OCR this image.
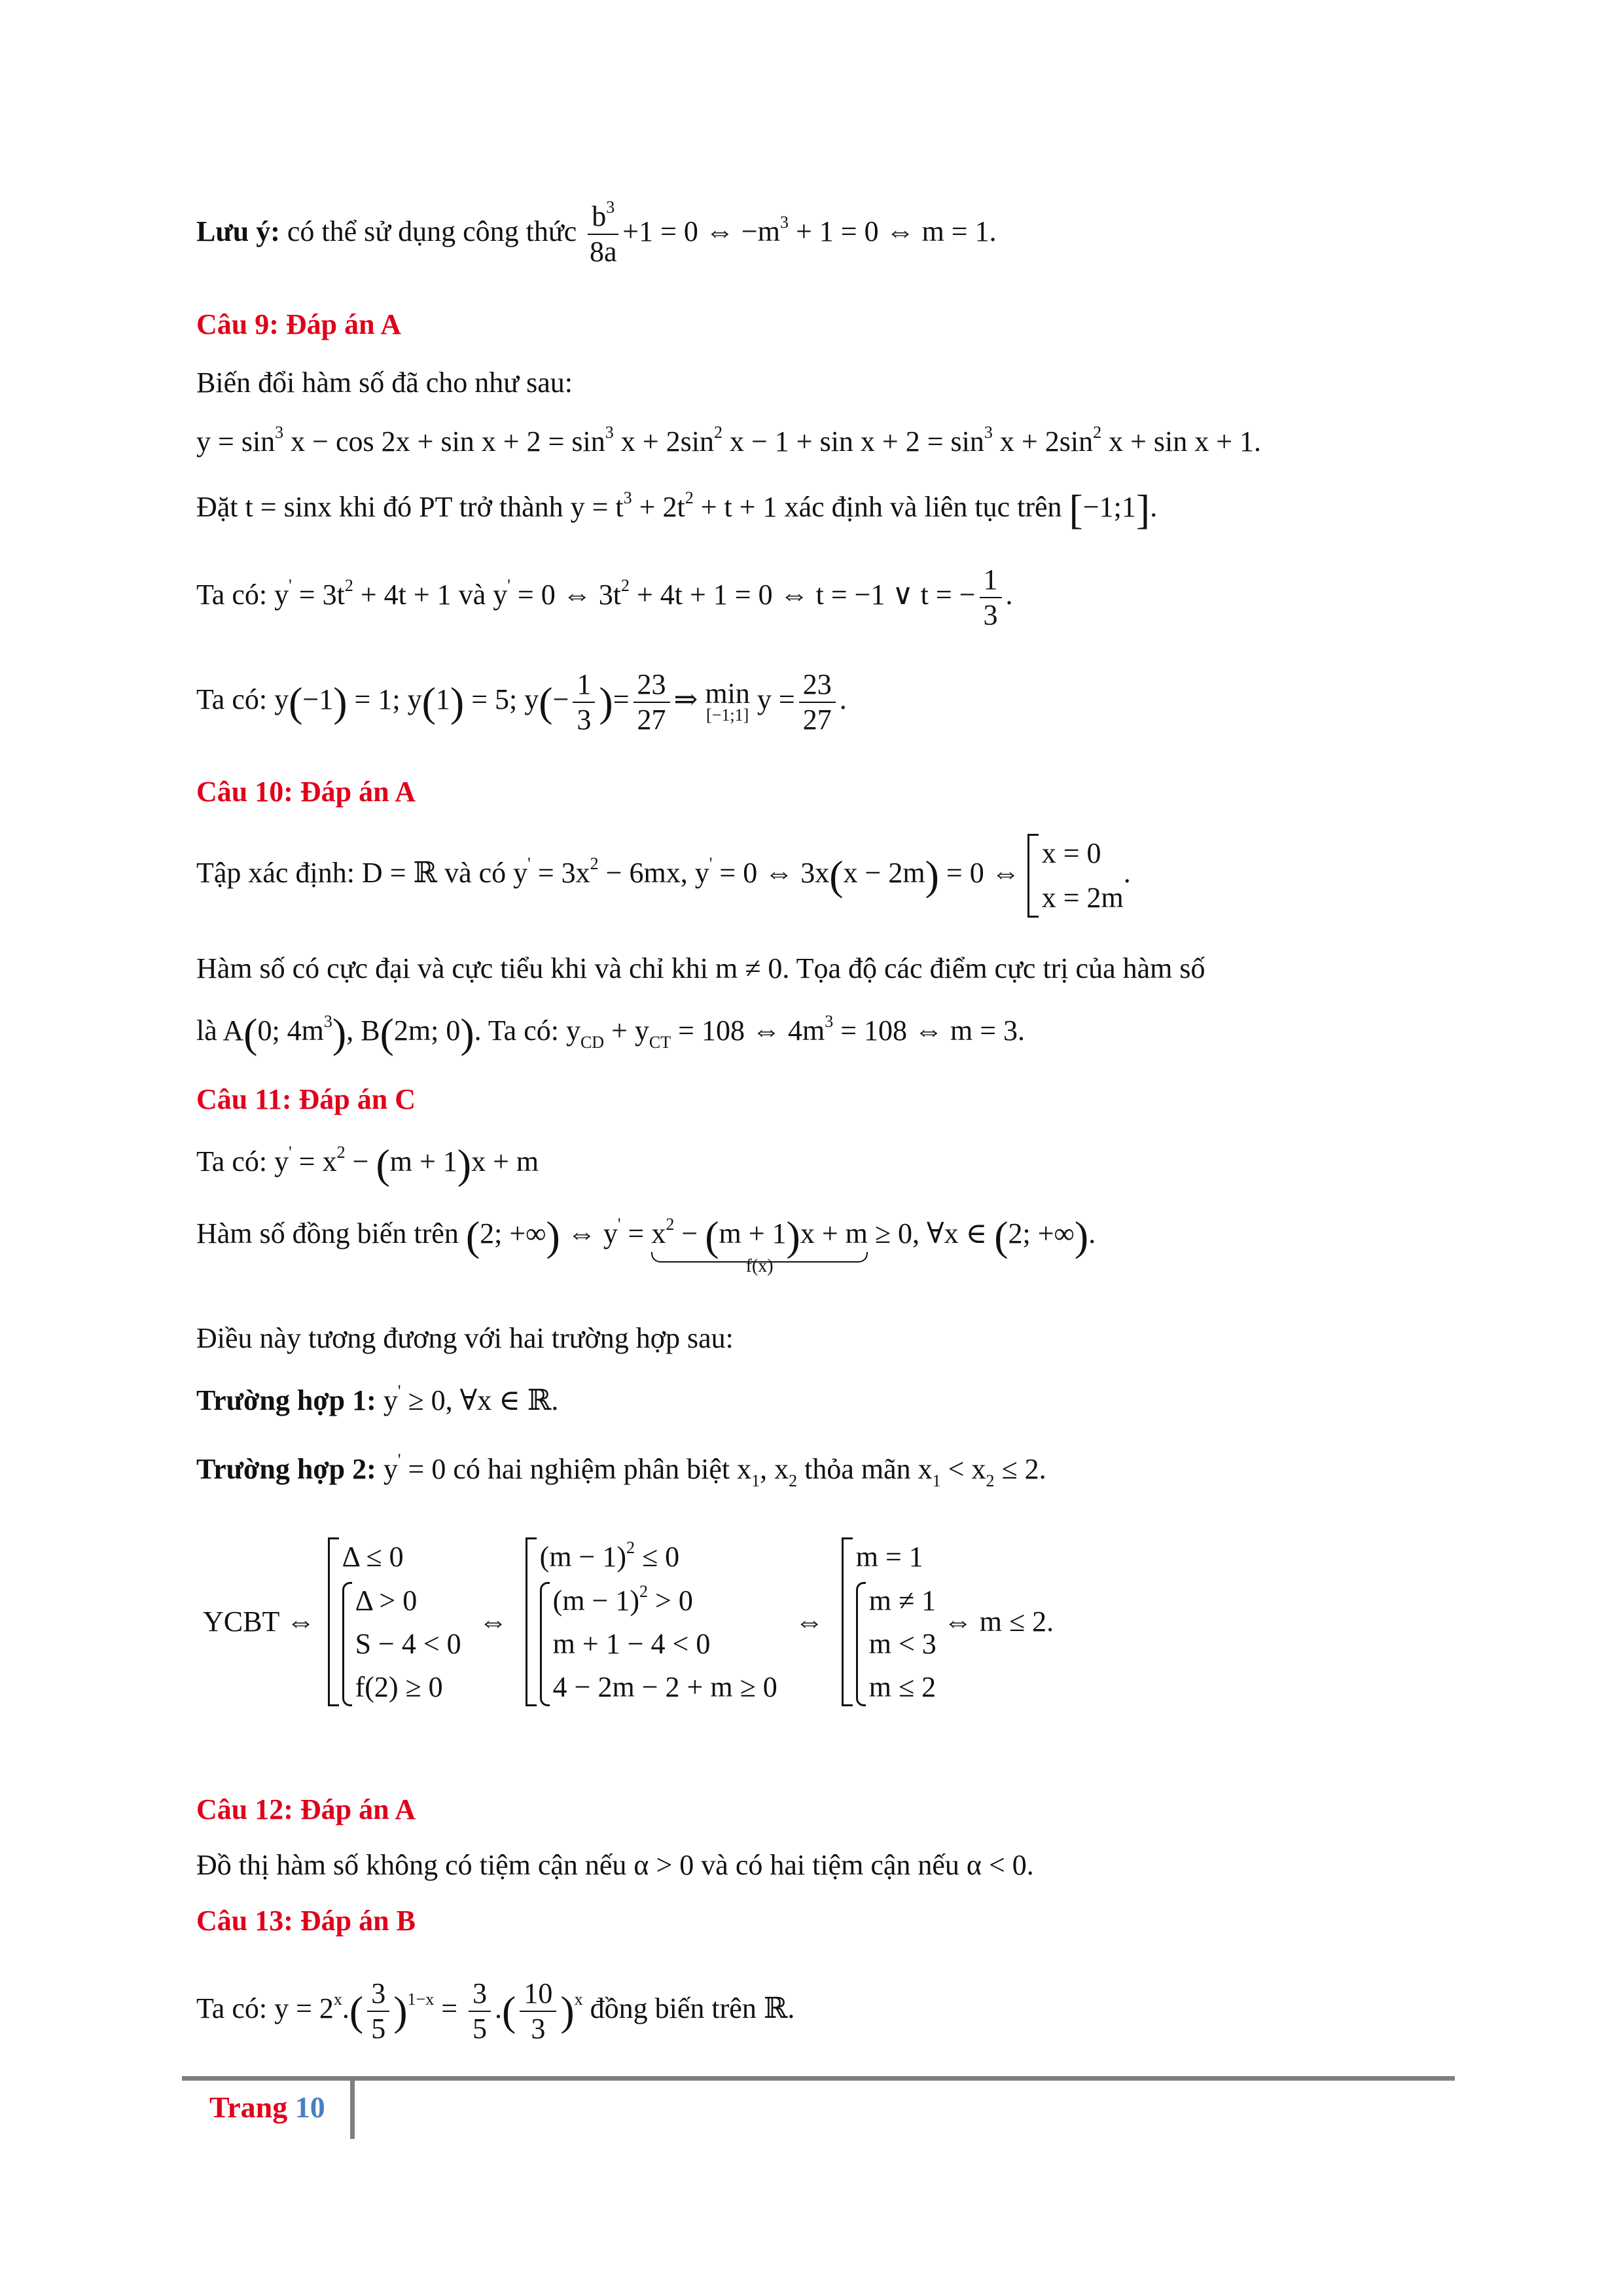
Lưu ý: có thể sử dụng công thức $\frac{b^3}{8a} +1 = 0$ ⇔ $-m^3 + 1 = 0$ ⇔ m = 1.
Câu 9: Đáp án A
Biến đổi hàm số đã cho như sau:
$y = \sin^3 x - \cos 2x + \sin x + 2 = \sin^3 x + 2\sin^2$ $x - 1 + \sin x + 2 = \sin^3 x + 2\sin^2$ x + sin x + 1.
Đặt t = sinx khi đó PT trở thành $y = t^3 + 2t^2 + t + 1$ xác định và liên tục trên [−1;1].
Ta có: $y' = 3t^2 + 4t + 1$ và y' = 0 ⇔ $3t^2 + 4t + 1 = 0$ ⇔ t = −1 ∨ t = − $\frac{1}{3}$ .
Ta có: y(−1) = 1; y(1) = 5; $y(- \frac{1}{3}$ )= $\frac{23}{27}$ ⇒ min
[−1;1] $y = \frac{23}{27}$ .
Câu 10: Đáp án A
Tập xác định: D = ℝ và có $y' = 3x^2 - 6mx$, y' = 0 ⇔ 3x(x − 2m) = 0 ⇔
x = 0
x = 2m
.
Hàm số có cực đại và cực tiểu khi và chỉ khi m ≠ 0. Tọa độ các điểm cực trị của hàm số
là A(0; $4m^3$), B(2m; 0). Ta có: $y_{CD} + y_{CT} = 108$ ⇔ $4m^3 = 108$ ⇔ m = 3.
Câu 11: Đáp án C
Ta có: $y' = x^2 - (m + 1)x + m$
Hàm số đồng biến trên (2; +∞) ⇔ $y' = x^2 - (m + 1)x + m$
f(x)
≥ 0, ∀x ∈ (2; +∞).
Điều này tương đương với hai trường hợp sau:
Trường hợp 1: y' ≥ 0, ∀x ∈ ℝ.
Trường hợp 2: y' = 0 có hai nghiệm phân biệt $x_1$, $x_2$ thỏa mãn $x_1 < x_2 \le 2$.
YCBT ⇔
Δ ≤ 0
Δ > 0
S − 4 < 0
f(2) ≥ 0
⇔
$(m - 1)^2 \le 0$
$(m - 1)^2 > 0$
m + 1 − 4 < 0
4 − 2m − 2 + m ≥ 0
⇔
m = 1
m ≠ 1
m < 3
m ≤ 2
⇔ m ≤ 2.
Câu 12: Đáp án A
Đồ thị hàm số không có tiệm cận nếu α > 0 và có hai tiệm cận nếu α < 0.
Câu 13: Đáp án B
Ta có: $y = 2^x.( \frac{3}{5} )^{1-x} = \frac{3}{5}$ .( $\frac{10}{3} )^x$ đồng biến trên ℝ.
Trang 10
